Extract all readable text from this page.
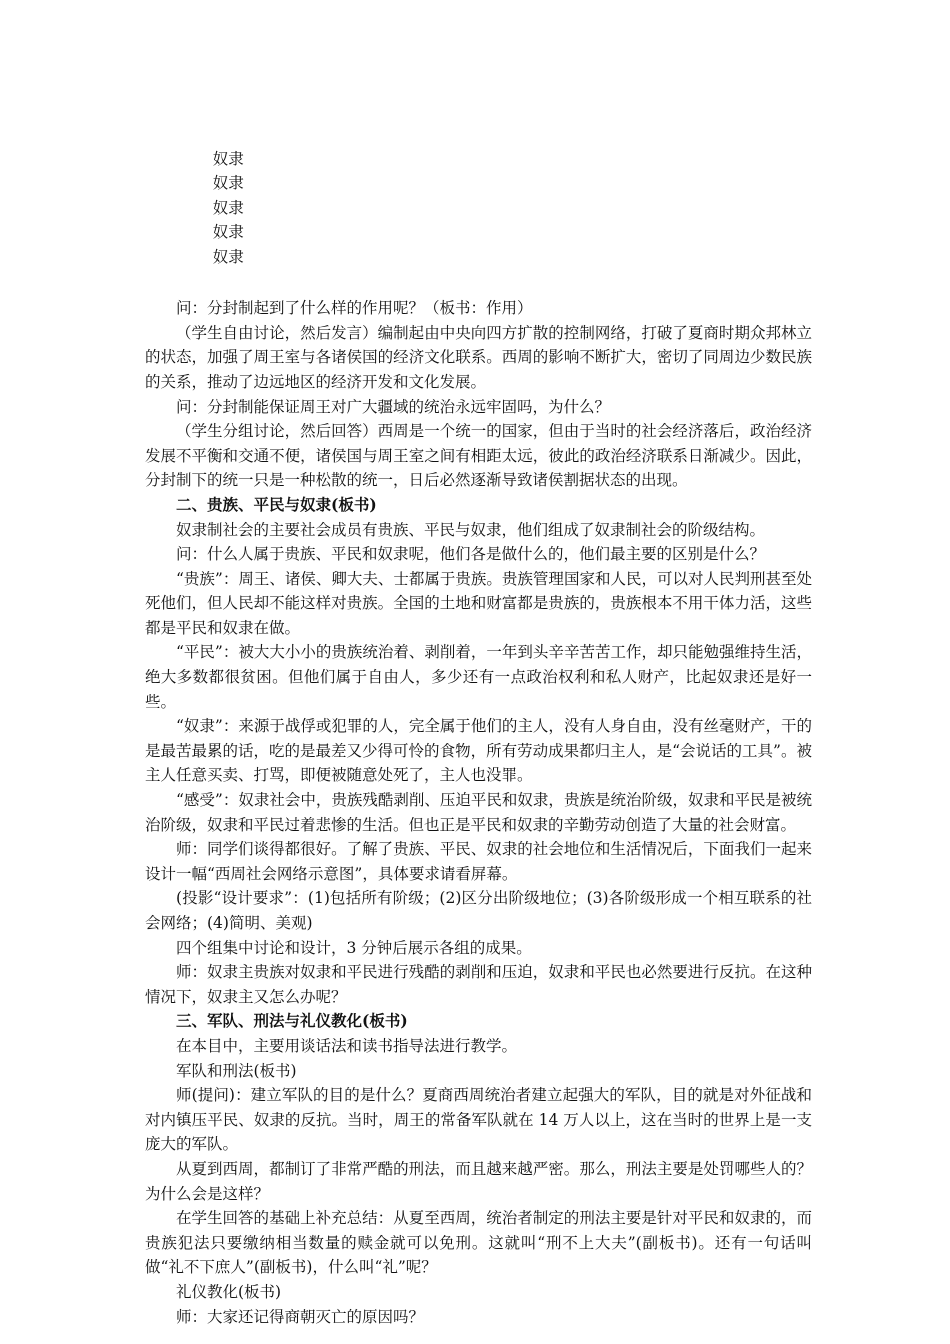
奴隶
奴隶
奴隶
奴隶
奴隶

问：分封制起到了什么样的作用呢？（板书：作用）

（学生自由讨论，然后发言）编制起由中央向四方扩散的控制网络，打破了夏商时期众邦林立的状态，加强了周王室与各诸侯国的经济文化联系。西周的影响不断扩大，密切了同周边少数民族的关系，推动了边远地区的经济开发和文化发展。

问：分封制能保证周王对广大疆域的统治永远牢固吗，为什么？

（学生分组讨论，然后回答）西周是一个统一的国家，但由于当时的社会经济落后，政治经济发展不平衡和交通不便，诸侯国与周王室之间有相距太远，彼此的政治经济联系日渐减少。因此，分封制下的统一只是一种松散的统一，日后必然逐渐导致诸侯割据状态的出现。

二、贵族、平民与奴隶(板书)

奴隶制社会的主要社会成员有贵族、平民与奴隶，他们组成了奴隶制社会的阶级结构。

问：什么人属于贵族、平民和奴隶呢，他们各是做什么的，他们最主要的区别是什么？

“贵族”：周王、诸侯、卿大夫、士都属于贵族。贵族管理国家和人民，可以对人民判刑甚至处死他们，但人民却不能这样对贵族。全国的土地和财富都是贵族的，贵族根本不用干体力活，这些都是平民和奴隶在做。

“平民”：被大大小小的贵族统治着、剥削着，一年到头辛辛苦苦工作，却只能勉强维持生活，绝大多数都很贫困。但他们属于自由人，多少还有一点政治权利和私人财产，比起奴隶还是好一些。

“奴隶”：来源于战俘或犯罪的人，完全属于他们的主人，没有人身自由，没有丝毫财产，干的是最苦最累的话，吃的是最差又少得可怜的食物，所有劳动成果都归主人，是“会说话的工具”。被主人任意买卖、打骂，即便被随意处死了，主人也没罪。

“感受”：奴隶社会中，贵族残酷剥削、压迫平民和奴隶，贵族是统治阶级，奴隶和平民是被统治阶级，奴隶和平民过着悲惨的生活。但也正是平民和奴隶的辛勤劳动创造了大量的社会财富。

师：同学们谈得都很好。了解了贵族、平民、奴隶的社会地位和生活情况后，下面我们一起来设计一幅“西周社会网络示意图”，具体要求请看屏幕。

(投影“设计要求”：(1)包括所有阶级；(2)区分出阶级地位；(3)各阶级形成一个相互联系的社会网络；(4)简明、美观)

四个组集中讨论和设计，3 分钟后展示各组的成果。

师：奴隶主贵族对奴隶和平民进行残酷的剥削和压迫，奴隶和平民也必然要进行反抗。在这种情况下，奴隶主又怎么办呢？

三、军队、刑法与礼仪教化(板书)

在本目中，主要用谈话法和读书指导法进行教学。

军队和刑法(板书)

师(提问)：建立军队的目的是什么？夏商西周统治者建立起强大的军队，目的就是对外征战和对内镇压平民、奴隶的反抗。当时，周王的常备军队就在 14 万人以上，这在当时的世界上是一支庞大的军队。

从夏到西周，都制订了非常严酷的刑法，而且越来越严密。那么，刑法主要是处罚哪些人的？为什么会是这样？

在学生回答的基础上补充总结：从夏至西周，统治者制定的刑法主要是针对平民和奴隶的，而贵族犯法只要缴纳相当数量的赎金就可以免刑。这就叫“刑不上大夫”(副板书)。还有一句话叫做“礼不下庶人”(副板书)，什么叫“礼”呢？

礼仪教化(板书)

师：大家还记得商朝灭亡的原因吗？
